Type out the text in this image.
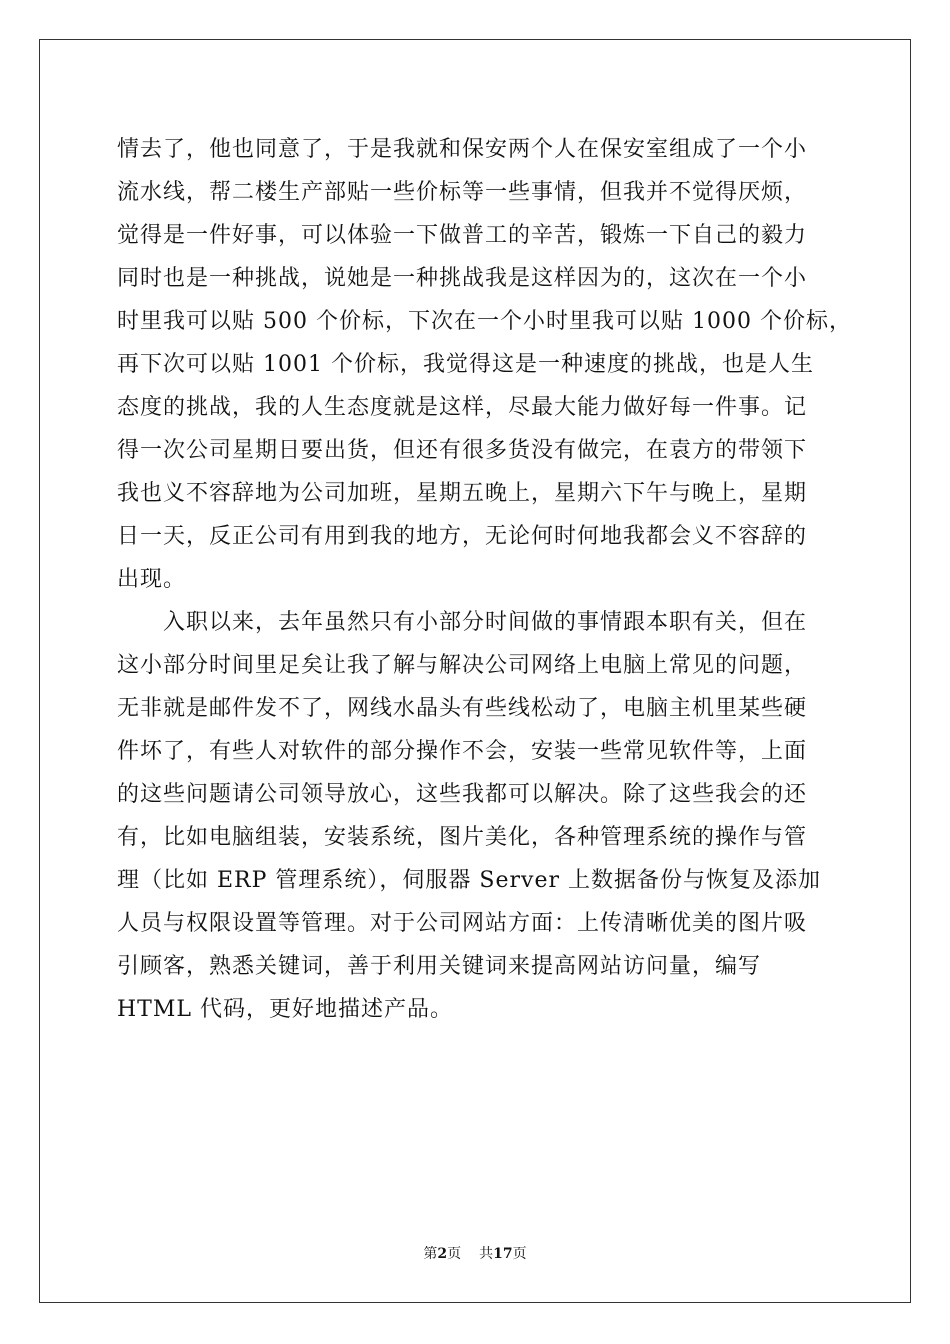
情去了，他也同意了，于是我就和保安两个人在保安室组成了一个小
流水线，帮二楼生产部贴一些价标等一些事情，但我并不觉得厌烦，
觉得是一件好事，可以体验一下做普工的辛苦，锻炼一下自己的毅力
同时也是一种挑战，说她是一种挑战我是这样因为的，这次在一个小
时里我可以贴 500 个价标，下次在一个小时里我可以贴 1000 个价标，
再下次可以贴 1001 个价标，我觉得这是一种速度的挑战，也是人生
态度的挑战，我的人生态度就是这样，尽最大能力做好每一件事。记
得一次公司星期日要出货，但还有很多货没有做完，在袁方的带领下
我也义不容辞地为公司加班，星期五晚上，星期六下午与晚上，星期
日一天，反正公司有用到我的地方，无论何时何地我都会义不容辞的
出现。
　　入职以来，去年虽然只有小部分时间做的事情跟本职有关，但在
这小部分时间里足矣让我了解与解决公司网络上电脑上常见的问题，
无非就是邮件发不了，网线水晶头有些线松动了，电脑主机里某些硬
件坏了，有些人对软件的部分操作不会，安装一些常见软件等，上面
的这些问题请公司领导放心，这些我都可以解决。除了这些我会的还
有，比如电脑组装，安装系统，图片美化，各种管理系统的操作与管
理（比如 ERP 管理系统），伺服器 Server 上数据备份与恢复及添加
人员与权限设置等管理。对于公司网站方面：上传清晰优美的图片吸
引顾客，熟悉关键词，善于利用关键词来提高网站访问量，编写
HTML 代码，更好地描述产品。
第2页 共17页
